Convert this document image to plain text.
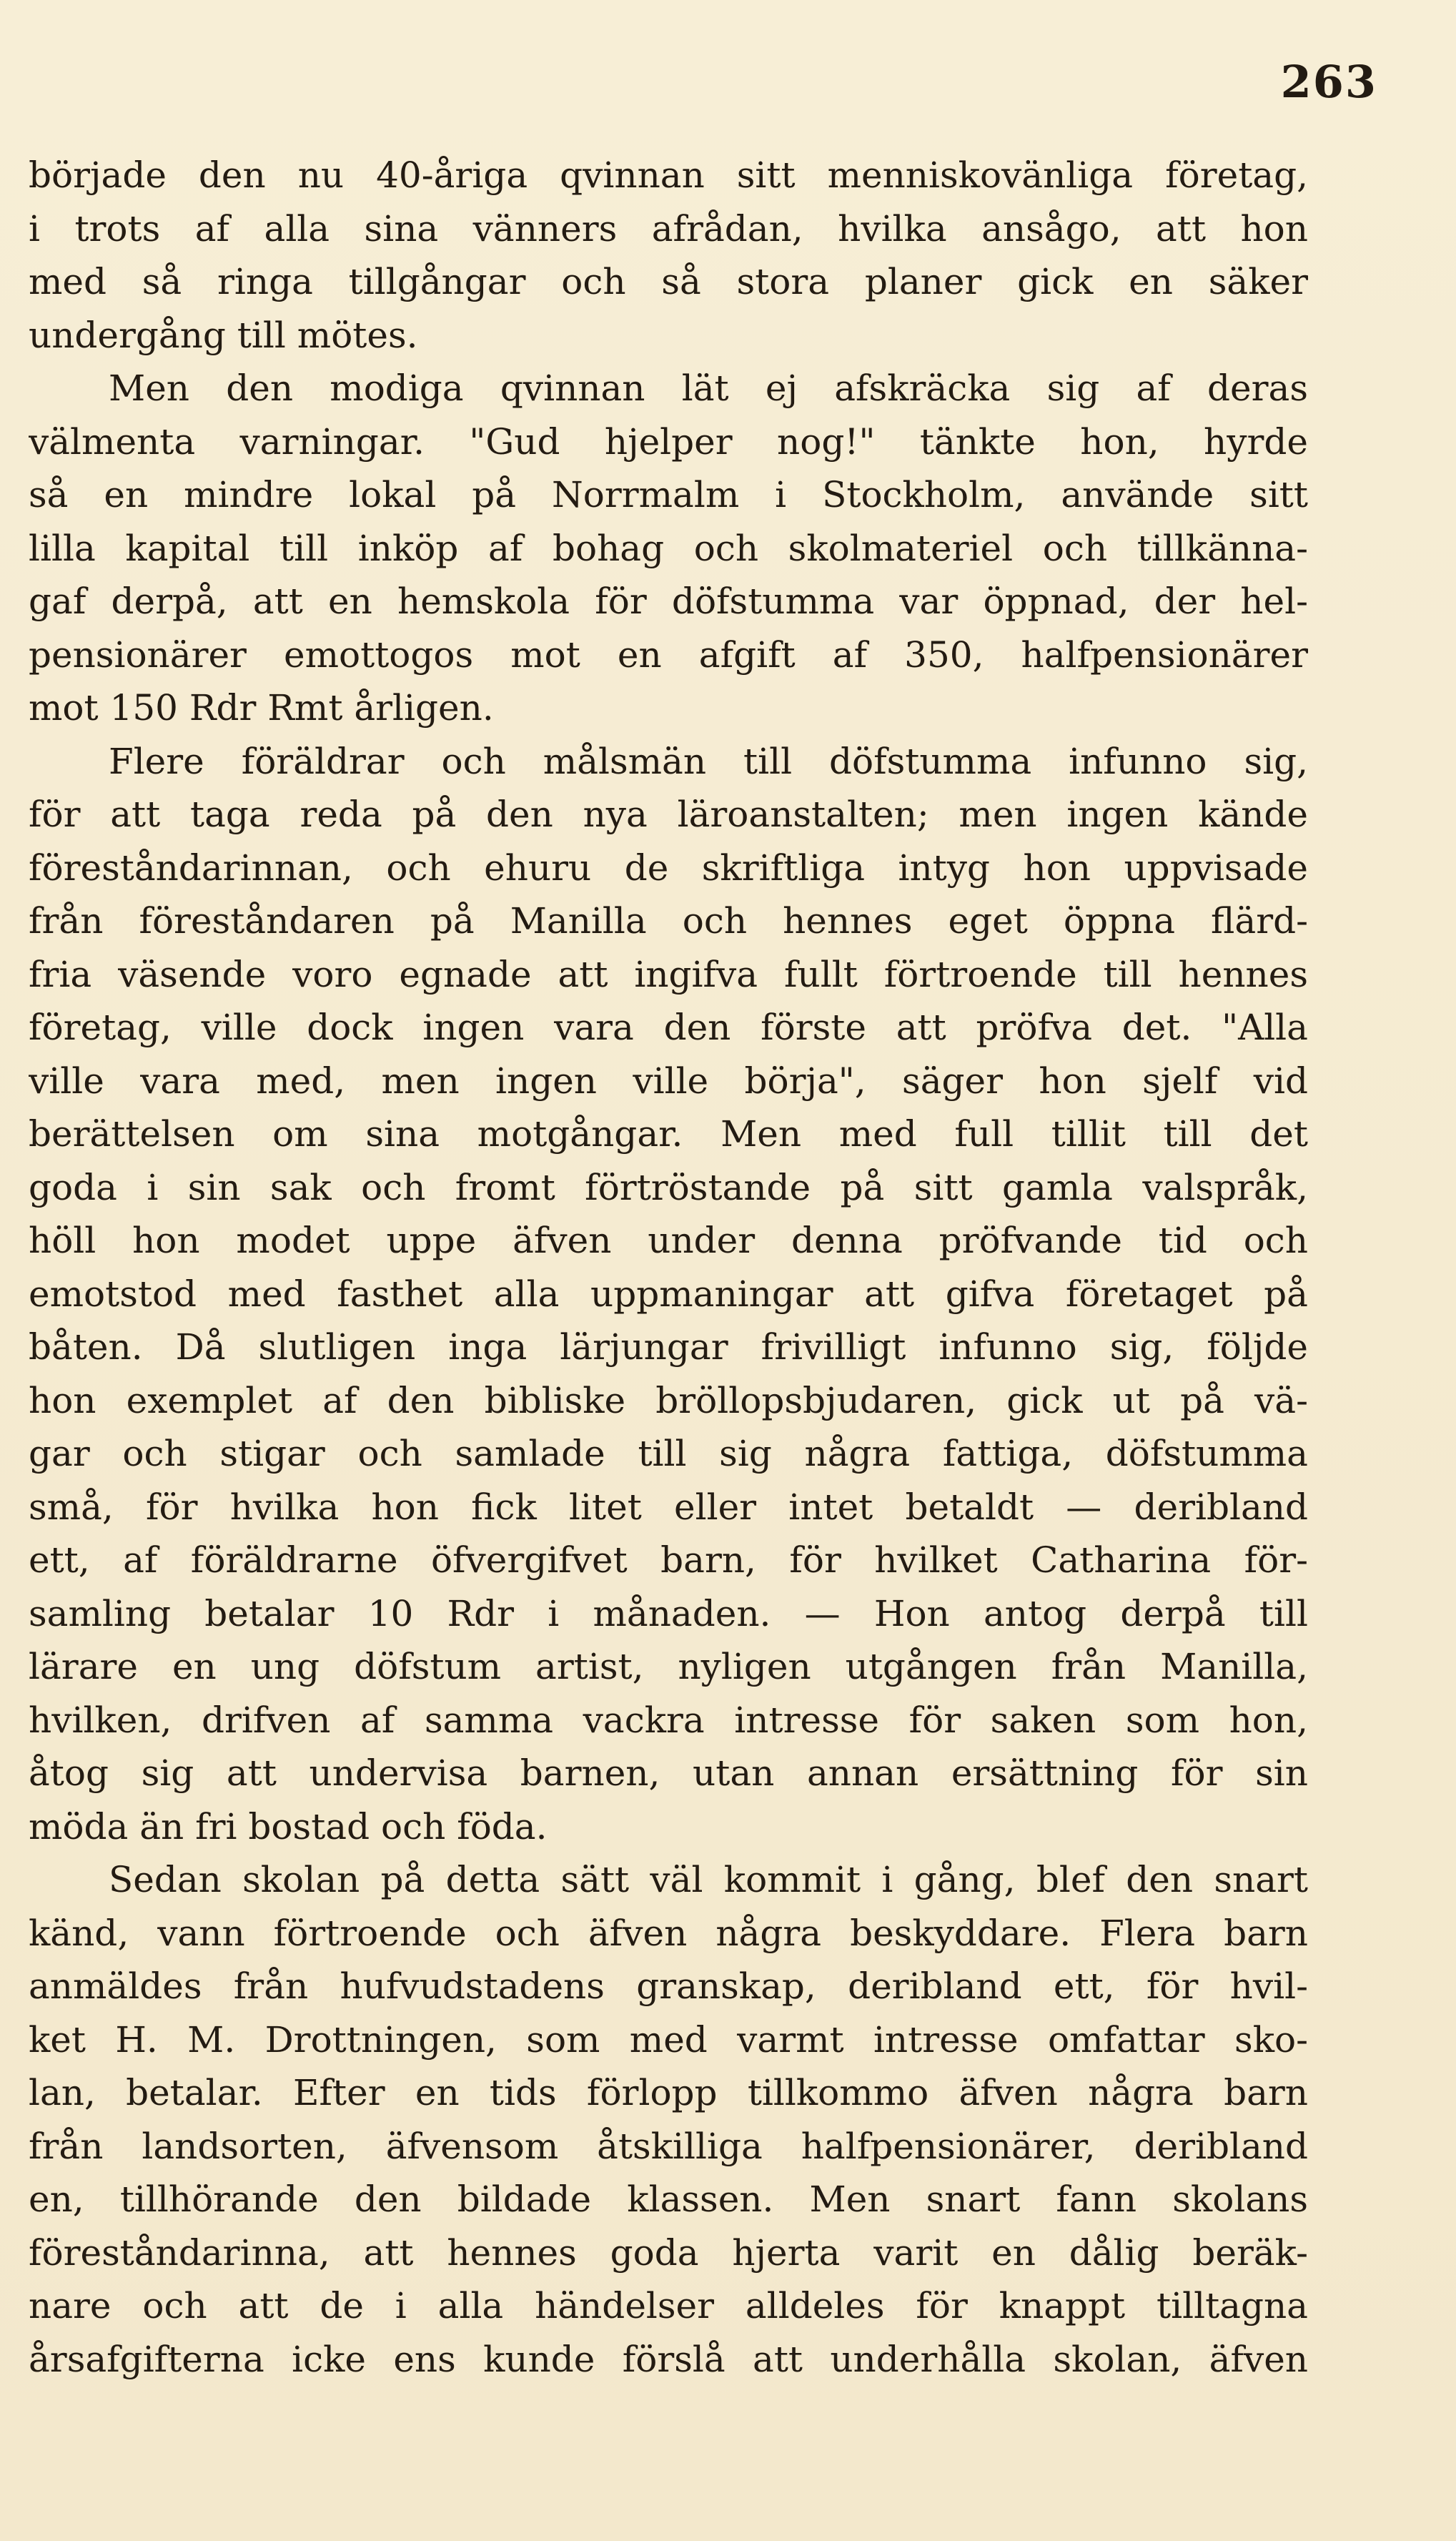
263
började den nu 40-åriga qvinnan sitt menniskovänliga företag,
i trots af alla sina vänners afrådan, hvilka ansågo, att hon
med så ringa tillgångar och så stora planer gick en säker
undergång till mötes.
Men den modiga qvinnan lät ej afskräcka sig af deras
välmenta varningar. "Gud hjelper nog!" tänkte hon, hyrde
så en mindre lokal på Norrmalm i Stockholm, använde sitt
lilla kapital till inköp af bohag och skolmateriel och tillkänna-
gaf derpå, att en hemskola för döfstumma var öppnad, der hel-
pensionärer emottogos mot en afgift af 350, halfpensionärer
mot 150 Rdr Rmt årligen.
Flere föräldrar och målsmän till döfstumma infunno sig,
för att taga reda på den nya läroanstalten; men ingen kände
föreståndarinnan, och ehuru de skriftliga intyg hon uppvisade
från föreståndaren på Manilla och hennes eget öppna flärd-
fria väsende voro egnade att ingifva fullt förtroende till hennes
företag, ville dock ingen vara den förste att pröfva det. "Alla
ville vara med, men ingen ville börja", säger hon sjelf vid
berättelsen om sina motgångar. Men med full tillit till det
goda i sin sak och fromt förtröstande på sitt gamla valspråk,
höll hon modet uppe äfven under denna pröfvande tid och
emotstod med fasthet alla uppmaningar att gifva företaget på
båten. Då slutligen inga lärjungar frivilligt infunno sig, följde
hon exemplet af den bibliske bröllopsbjudaren, gick ut på vä-
gar och stigar och samlade till sig några fattiga, döfstumma
små, för hvilka hon fick litet eller intet betaldt — deribland
ett, af föräldrarne öfvergifvet barn, för hvilket Catharina för-
samling betalar 10 Rdr i månaden. — Hon antog derpå till
lärare en ung döfstum artist, nyligen utgången från Manilla,
hvilken, drifven af samma vackra intresse för saken som hon,
åtog sig att undervisa barnen, utan annan ersättning för sin
möda än fri bostad och föda.
Sedan skolan på detta sätt väl kommit i gång, blef den snart
känd, vann förtroende och äfven några beskyddare. Flera barn
anmäldes från hufvudstadens granskap, deribland ett, för hvil-
ket H. M. Drottningen, som med varmt intresse omfattar sko-
lan, betalar. Efter en tids förlopp tillkommo äfven några barn
från landsorten, äfvensom åtskilliga halfpensionärer, deribland
en, tillhörande den bildade klassen. Men snart fann skolans
föreståndarinna, att hennes goda hjerta varit en dålig beräk-
nare och att de i alla händelser alldeles för knappt tilltagna
årsafgifterna icke ens kunde förslå att underhålla skolan, äfven
